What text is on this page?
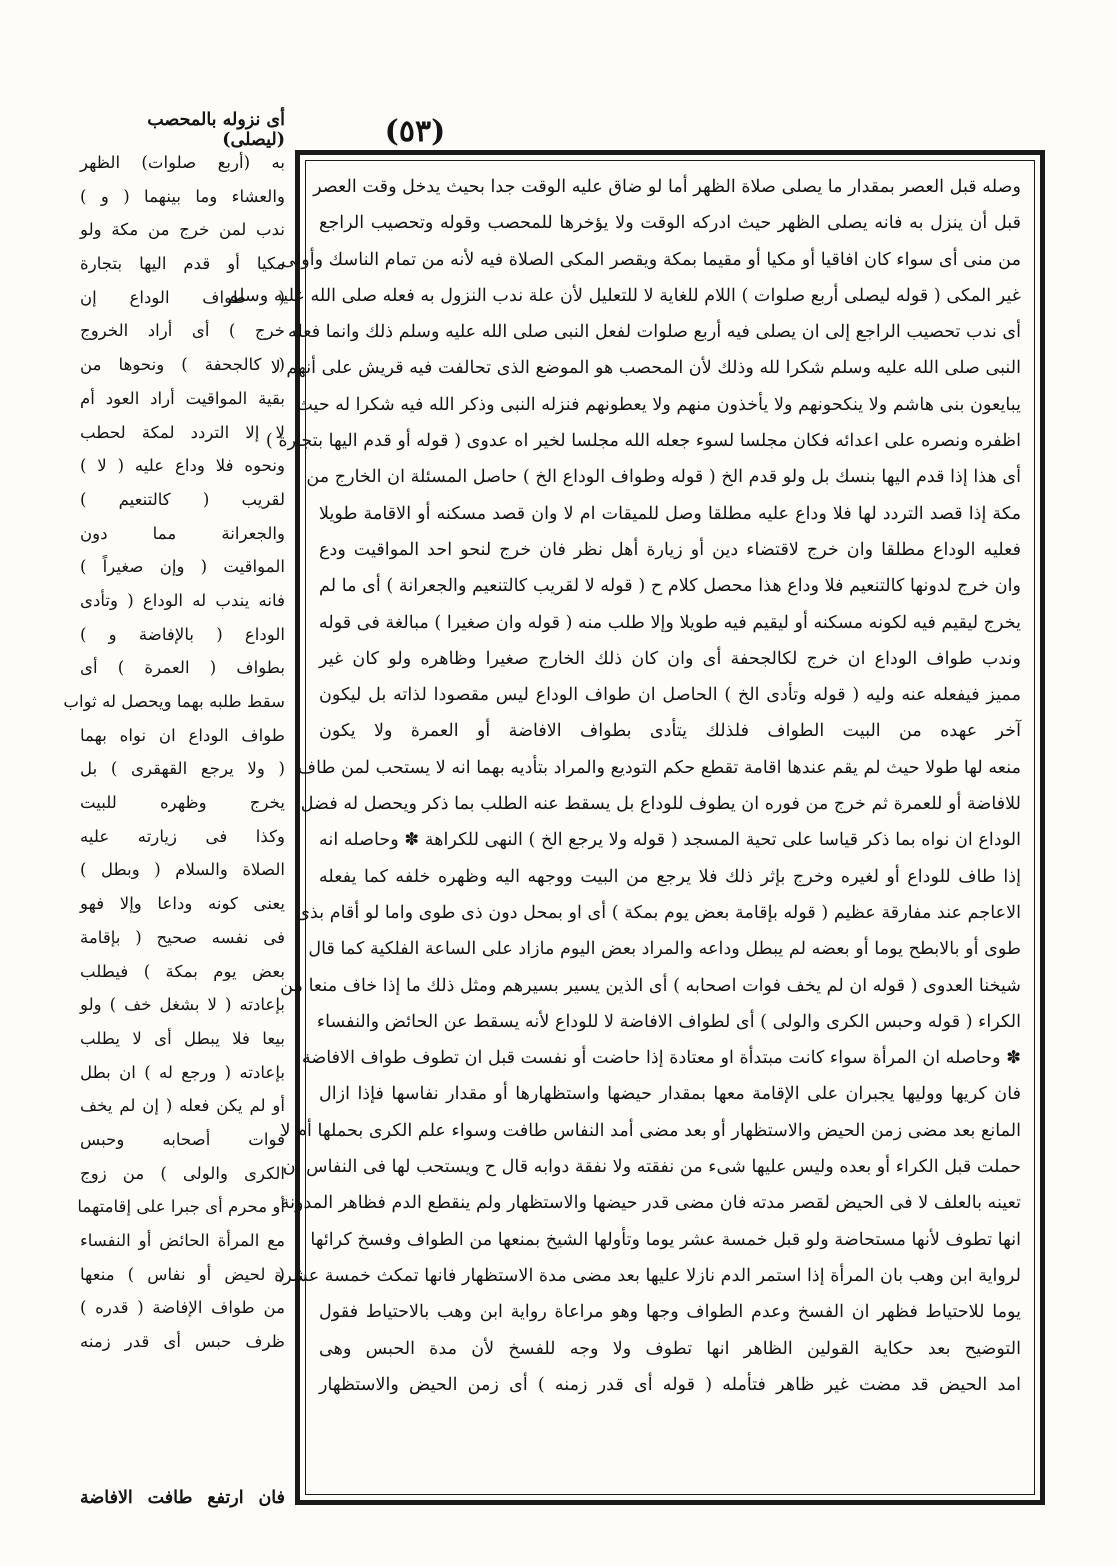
(٥٣)
أى نزوله بالمحصب (ليصلى)
به (أربع صلوات) الظهر
والعشاء وما بينهما ( و )
ندب لمن خرج من مكة ولو
مكيا أو قدم اليها بتجارة
( طواف الوداع إن
خرج ) أى أراد الخروج
( كالجحفة ) ونحوها من
بقية المواقيت أراد العود أم
لا إلا التردد لمكة لحطب
ونحوه فلا وداع عليه ( لا )
لقريب ( كالتنعيم )
والجعرانة مما دون
المواقيت ( وإن صغيراً )
فانه يندب له الوداع ( وتأدى
الوداع ( بالإفاضة و )
بطواف ( العمرة ) أى
سقط طلبه بهما ويحصل له ثواب
طواف الوداع ان نواه بهما
( ولا يرجع القهقرى ) بل
يخرج وظهره للبيت
وكذا فى زيارته عليه
الصلاة والسلام ( وبطل )
يعنى كونه وداعا وإلا فهو
فى نفسه صحيح ( بإقامة
بعض يوم بمكة ) فيطلب
بإعادته ( لا بشغل خف ) ولو
بيعا فلا يبطل أى لا يطلب
بإعادته ( ورجع له ) ان بطل
أو لم يكن فعله ( إن لم يخف
فوات أصحابه وحبس
الكرى والولى ) من زوج
أو محرم أى جبرا على إقامتهما
مع المرأة الحائض أو النفساء
( لحيض أو نفاس ) منعها
من طواف الإفاضة ( قدره )
ظرف حبس أى قدر زمنه
فان ارتفع طافت الافاضة
وصله قبل العصر بمقدار ما يصلى صلاة الظهر أما لو ضاق عليه الوقت جدا بحيث يدخل وقت العصر
قبل أن ينزل به فانه يصلى الظهر حيث ادركه الوقت ولا يؤخرها للمحصب وقوله وتحصيب الراجع
من منى أى سواء كان افاقيا أو مكيا أو مقيما بمكة ويقصر المكى الصلاة فيه لأنه من تمام الناسك وأولى
غير المكى ( قوله ليصلى أربع صلوات ) اللام للغاية لا للتعليل لأن علة ندب النزول به فعله صلى الله عليه وسلم
أى ندب تحصيب الراجع إلى ان يصلى فيه أربع صلوات لفعل النبى صلى الله عليه وسلم ذلك وانما فعله
النبى صلى الله عليه وسلم شكرا لله وذلك لأن المحصب هو الموضع الذى تحالفت فيه قريش على أنهم لا
يبايعون بنى هاشم ولا ينكحونهم ولا يأخذون منهم ولا يعطونهم فنزله النبى وذكر الله فيه شكرا له حيث
اظفره ونصره على اعدائه فكان مجلسا لسوء جعله الله مجلسا لخير اه عدوى ( قوله أو قدم اليها بتجارة )
أى هذا إذا قدم اليها بنسك بل ولو قدم الخ ( قوله وطواف الوداع الخ ) حاصل المسئلة ان الخارج من
مكة إذا قصد التردد لها فلا وداع عليه مطلقا وصل للميقات ام لا وان قصد مسكنه أو الاقامة طويلا
فعليه الوداع مطلقا وان خرج لاقتضاء دين أو زيارة أهل نظر فان خرج لنحو احد المواقيت ودع
وان خرج لدونها كالتنعيم فلا وداع هذا محصل كلام ح ( قوله لا لقريب كالتنعيم والجعرانة ) أى ما لم
يخرج ليقيم فيه لكونه مسكنه أو ليقيم فيه طويلا وإلا طلب منه ( قوله وان صغيرا ) مبالغة فى قوله
وندب طواف الوداع ان خرج لكالجحفة أى وان كان ذلك الخارج صغيرا وظاهره ولو كان غير
مميز فيفعله عنه وليه ( قوله وتأدى الخ ) الحاصل ان طواف الوداع ليس مقصودا لذاته بل ليكون
آخر عهده من البيت الطواف فلذلك يتأدى بطواف الافاضة أو العمرة ولا يكون
منعه لها طولا حيث لم يقم عندها اقامة تقطع حكم التوديع والمراد بتأديه بهما انه لا يستحب لمن طاف
للافاضة أو للعمرة ثم خرج من فوره ان يطوف للوداع بل يسقط عنه الطلب بما ذكر ويحصل له فضل
الوداع ان نواه بما ذكر قياسا على تحية المسجد ( قوله ولا يرجع الخ ) النهى للكراهة ✽ وحاصله انه
إذا طاف للوداع أو لغيره وخرج بإثر ذلك فلا يرجع من البيت ووجهه اليه وظهره خلفه كما يفعله
الاعاجم عند مفارقة عظيم ( قوله بإقامة بعض يوم بمكة ) أى او بمحل دون ذى طوى واما لو أقام بذى
طوى أو بالابطح يوما أو بعضه لم يبطل وداعه والمراد بعض اليوم مازاد على الساعة الفلكية كما قال
شيخنا العدوى ( قوله ان لم يخف فوات اصحابه ) أى الذين يسير بسيرهم ومثل ذلك ما إذا خاف منعا من
الكراء ( قوله وحبس الكرى والولى ) أى لطواف الافاضة لا للوداع لأنه يسقط عن الحائض والنفساء
✽ وحاصله ان المرأة سواء كانت مبتدأة او معتادة إذا حاضت أو نفست قبل ان تطوف طواف الافاضة
فان كريها ووليها يجبران على الإقامة معها بمقدار حيضها واستظهارها أو مقدار نفاسها فإذا ازال
المانع بعد مضى زمن الحيض والاستظهار أو بعد مضى أمد النفاس طافت وسواء علم الكرى بحملها أم لا
حملت قبل الكراء أو بعده وليس عليها شىء من نفقته ولا نفقة دوابه قال ح ويستحب لها فى النفاس ان
تعينه بالعلف لا فى الحيض لقصر مدته فان مضى قدر حيضها والاستظهار ولم ينقطع الدم فظاهر المدونة
انها تطوف لأنها مستحاضة ولو قبل خمسة عشر يوما وتأولها الشيخ بمنعها من الطواف وفسخ كرائها
لرواية ابن وهب بان المرأة إذا استمر الدم نازلا عليها بعد مضى مدة الاستظهار فانها تمكث خمسة عشرة
يوما للاحتياط فظهر ان الفسخ وعدم الطواف وجها وهو مراعاة رواية ابن وهب بالاحتياط فقول
التوضيح بعد حكاية القولين الظاهر انها تطوف ولا وجه للفسخ لأن مدة الحبس وهى
امد الحيض قد مضت غير ظاهر فتأمله ( قوله أى قدر زمنه ) أى زمن الحيض والاستظهار
